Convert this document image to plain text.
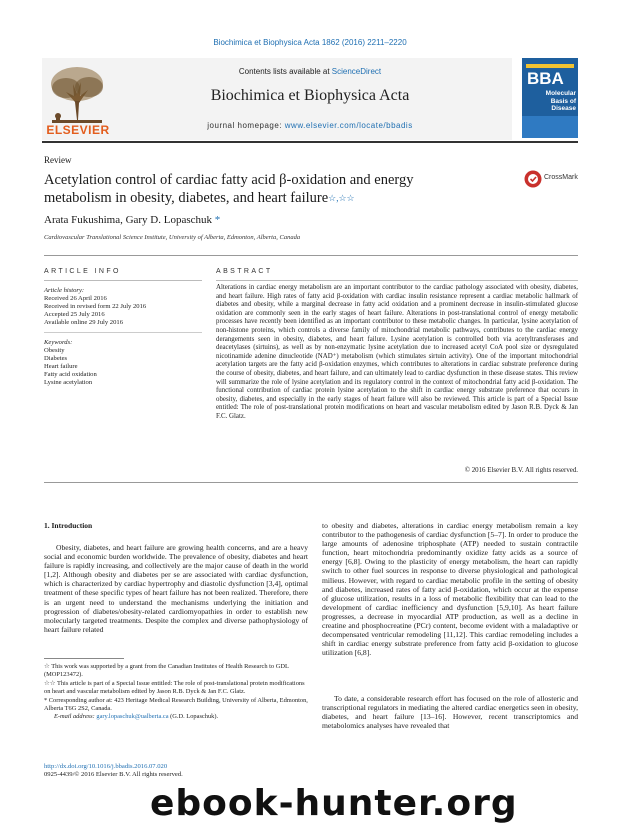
Biochimica et Biophysica Acta 1862 (2016) 2211–2220
ELSEVIER
Contents lists available at ScienceDirect
Biochimica et Biophysica Acta
journal homepage: www.elsevier.com/locate/bbadis
BBA
Molecular
Basis of
Disease
Review
Acetylation control of cardiac fatty acid β-oxidation and energy
metabolism in obesity, diabetes, and heart failure☆,☆☆
CrossMark
Arata Fukushima, Gary D. Lopaschuk *
Cardiovascular Translational Science Institute, University of Alberta, Edmonton, Alberta, Canada
ARTICLE INFO
Article history:
Received 26 April 2016
Received in revised form 22 July 2016
Accepted 25 July 2016
Available online 29 July 2016
Keywords:
Obesity
Diabetes
Heart failure
Fatty acid oxidation
Lysine acetylation
ABSTRACT
Alterations in cardiac energy metabolism are an important contributor to the cardiac pathology associated with obesity, diabetes, and heart failure. High rates of fatty acid β-oxidation with cardiac insulin resistance represent a cardiac metabolic hallmark of diabetes and obesity, while a marginal decrease in fatty acid oxidation and a prominent decrease in insulin-stimulated glucose oxidation are commonly seen in the early stages of heart failure. Alterations in post-translational control of energy metabolic processes have recently been identified as an important contributor to these metabolic changes. In particular, lysine acetylation of non-histone proteins, which controls a diverse family of mitochondrial metabolic pathways, contributes to the cardiac energy derangements seen in obesity, diabetes, and heart failure. Lysine acetylation is controlled both via acetyltransferases and deacetylases (sirtuins), as well as by non-enzymatic lysine acetylation due to increased acetyl CoA pool size or dysregulated nicotinamide adenine dinucleotide (NAD⁺) metabolism (which stimulates sirtuin activity). One of the important mitochondrial acetylation targets are the fatty acid β-oxidation enzymes, which contributes to alterations in cardiac substrate preference during the course of obesity, diabetes, and heart failure, and can ultimately lead to cardiac dysfunction in these disease states. This review will summarize the role of lysine acetylation and its regulatory control in the context of mitochondrial fatty acid β-oxidation. The functional contribution of cardiac protein lysine acetylation to the shift in cardiac energy substrate preference that occurs in obesity, diabetes, and especially in the early stages of heart failure will also be reviewed. This article is part of a Special Issue entitled: The role of post-translational protein modifications on heart and vascular metabolism edited by Jason R.B. Dyck & Jan F.C. Glatz.
© 2016 Elsevier B.V. All rights reserved.
1. Introduction
Obesity, diabetes, and heart failure are growing health concerns, and are a heavy social and economic burden worldwide. The prevalence of obesity, diabetes and heart failure is rapidly increasing, and collectively are the major cause of death in the world [1,2]. Although obesity and diabetes per se are associated with cardiac dysfunction, which is characterized by cardiac hypertrophy and diastolic dysfunction [3,4], optimal treatment of these specific types of heart failure has not been realized. Therefore, there is an urgent need to understand the mechanisms underlying the initiation and progression of diabetes/obesity-related cardiomyopathies in order to establish new molecularly targeted treatments. Despite the complex and diverse pathophysiology of heart failure related
to obesity and diabetes, alterations in cardiac energy metabolism remain a key contributor to the pathogenesis of cardiac dysfunction [5–7]. In order to produce the large amounts of adenosine triphosphate (ATP) needed to sustain contractile function, heart mitochondria predominantly oxidize fatty acids as a source of energy [6,8]. Owing to the plasticity of energy metabolism, the heart can rapidly switch to other fuel sources in response to diverse physiological and pathological milieus. However, with regard to cardiac metabolic profile in the setting of obesity and diabetes, increased rates of fatty acid β-oxidation, which occur at the expense of glucose utilization, results in a loss of metabolic flexibility that can lead to the development of cardiac inefficiency and dysfunction [5,9,10]. As heart failure progresses, a decrease in myocardial ATP production, as well as a decline in creatine and phosphocreatine (PCr) content, become evident with a maladaptive or decompensated ventricular remodeling [11,12]. This cardiac remodeling includes a shift in cardiac energy substrate preference from fatty acid β-oxidation to glucose utilization [6,8].
To date, a considerable research effort has focused on the role of allosteric and transcriptional regulators in mediating the altered cardiac energetics seen in obesity, diabetes, and heart failure [13–16]. However, recent transcriptomics and metabolomics analyses have revealed that
☆ This work was supported by a grant from the Canadian Institutes of Health Research to GDL (MOP123472).
☆☆ This article is part of a Special Issue entitled: The role of post-translational protein modifications on heart and vascular metabolism edited by Jason R.B. Dyck & Jan F.C. Glatz.
* Corresponding author at: 423 Heritage Medical Research Building, University of Alberta, Edmonton, Alberta T6G 2S2, Canada.
E-mail address: gary.lopaschuk@ualberta.ca (G.D. Lopaschuk).
http://dx.doi.org/10.1016/j.bbadis.2016.07.020
0925-4439/© 2016 Elsevier B.V. All rights reserved.
ebook-hunter.org
